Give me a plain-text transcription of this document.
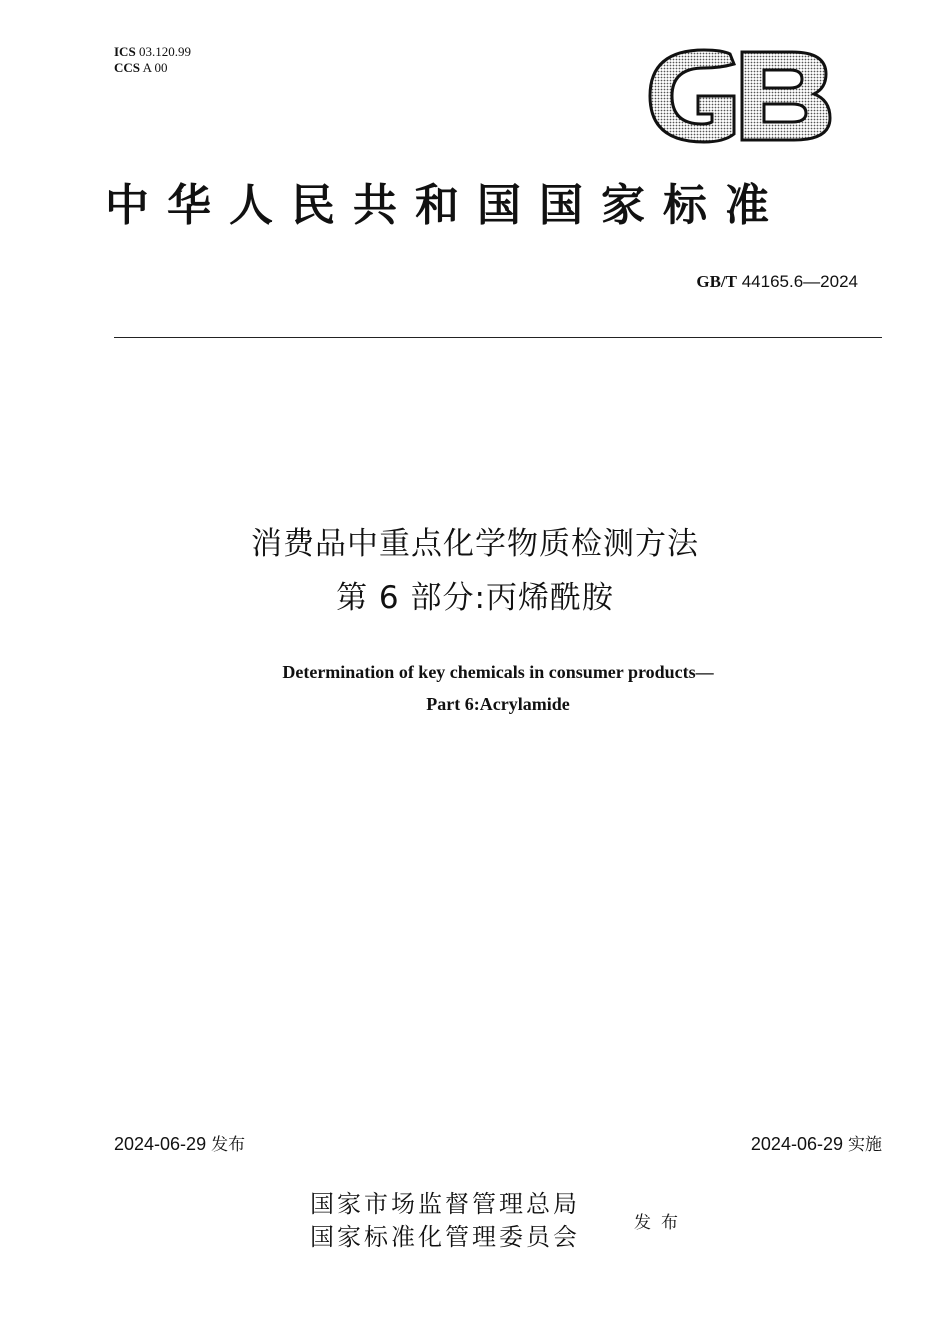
ICS 03.120.99
CCS A 00
中华人民共和国国家标准
GB/T 44165.6—2024
消费品中重点化学物质检测方法
第 6 部分:丙烯酰胺
Determination of key chemicals in consumer products—
Part 6:Acrylamide
2024-06-29 发布	2024-06-29 实施
国家市场监督管理总局
国家标准化管理委员会	发布
